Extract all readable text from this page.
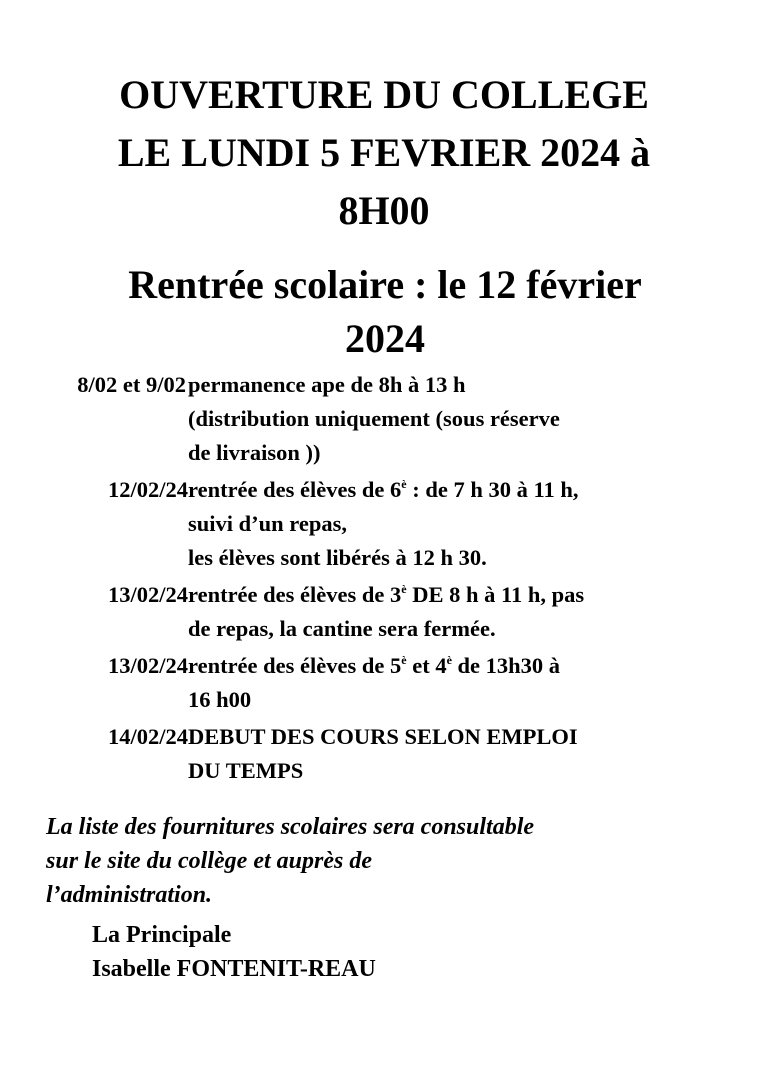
OUVERTURE DU COLLEGE
LE LUNDI 5 FEVRIER 2024 à
8H00
Rentrée scolaire : le 12 février
2024
8/02 et 9/02 permanence ape de 8h à 13 h
(distribution uniquement (sous réserve
de livraison ))
12/02/24 rentrée des élèves de $6^è$ : de 7 h 30 à 11 h,
suivi d’un repas,
les élèves sont libérés à 12 h 30.
13/02/24 rentrée des élèves de $3^è$ DE 8 h à 11 h, pas
de repas, la cantine sera fermée.
13/02/24 rentrée des élèves de $5^è$ et $4^è$ de 13h30 à
16 h00
14/02/24 DEBUT DES COURS SELON EMPLOI
DU TEMPS

La liste des fournitures scolaires sera consultable
sur le site du collège et auprès de
l’administration.

La Principale
Isabelle FONTENIT-REAU
